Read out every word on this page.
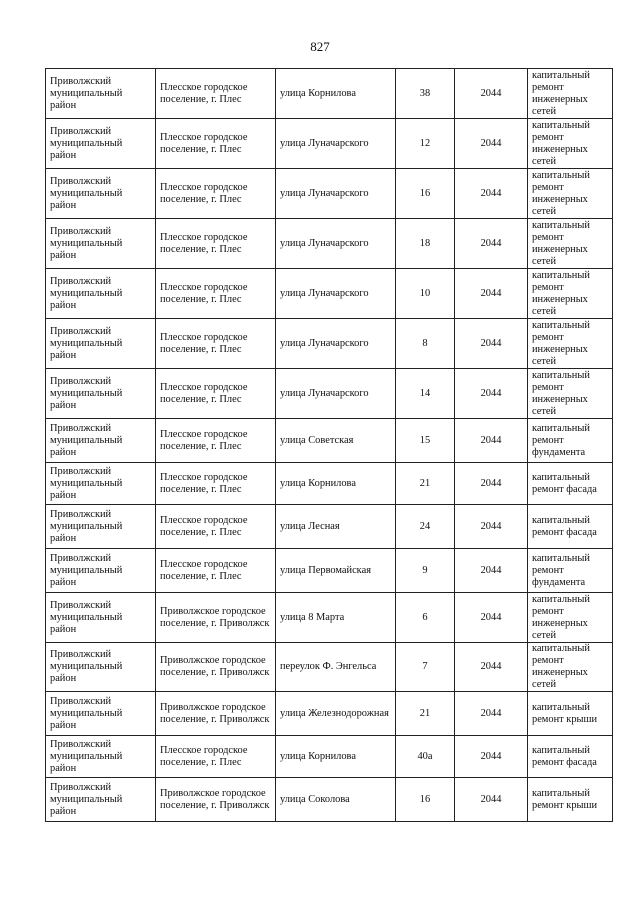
827
Приволжский муниципальный район	Плесское городское поселение, г. Плес	улица Корнилова	38	2044	капитальный ремонт инженерных сетей
Приволжский муниципальный район	Плесское городское поселение, г. Плес	улица Луначарского	12	2044	капитальный ремонт инженерных сетей
Приволжский муниципальный район	Плесское городское поселение, г. Плес	улица Луначарского	16	2044	капитальный ремонт инженерных сетей
Приволжский муниципальный район	Плесское городское поселение, г. Плес	улица Луначарского	18	2044	капитальный ремонт инженерных сетей
Приволжский муниципальный район	Плесское городское поселение, г. Плес	улица Луначарского	10	2044	капитальный ремонт инженерных сетей
Приволжский муниципальный район	Плесское городское поселение, г. Плес	улица Луначарского	8	2044	капитальный ремонт инженерных сетей
Приволжский муниципальный район	Плесское городское поселение, г. Плес	улица Луначарского	14	2044	капитальный ремонт инженерных сетей
Приволжский муниципальный район	Плесское городское поселение, г. Плес	улица Советская	15	2044	капитальный ремонт фундамента
Приволжский муниципальный район	Плесское городское поселение, г. Плес	улица Корнилова	21	2044	капитальный ремонт фасада
Приволжский муниципальный район	Плесское городское поселение, г. Плес	улица Лесная	24	2044	капитальный ремонт фасада
Приволжский муниципальный район	Плесское городское поселение, г. Плес	улица Первомайская	9	2044	капитальный ремонт фундамента
Приволжский муниципальный район	Приволжское городское поселение, г. Приволжск	улица 8 Марта	6	2044	капитальный ремонт инженерных сетей
Приволжский муниципальный район	Приволжское городское поселение, г. Приволжск	переулок Ф. Энгельса	7	2044	капитальный ремонт инженерных сетей
Приволжский муниципальный район	Приволжское городское поселение, г. Приволжск	улица Железнодорожная	21	2044	капитальный ремонт крыши
Приволжский муниципальный район	Плесское городское поселение, г. Плес	улица Корнилова	40а	2044	капитальный ремонт фасада
Приволжский муниципальный район	Приволжское городское поселение, г. Приволжск	улица Соколова	16	2044	капитальный ремонт крыши
